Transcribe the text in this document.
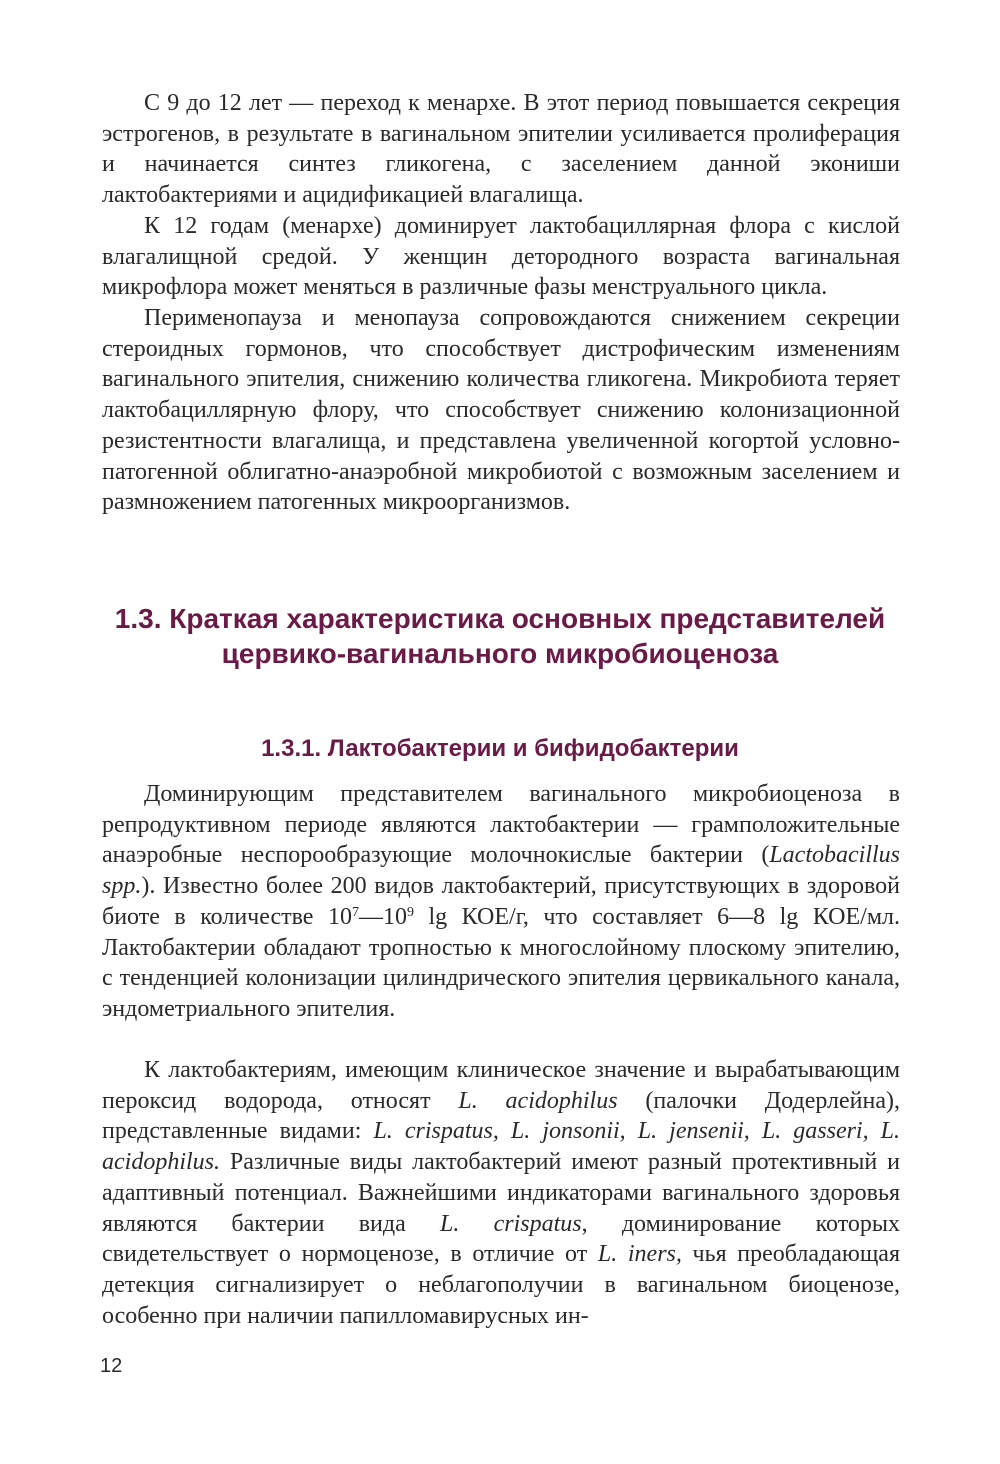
С 9 до 12 лет — переход к менархе. В этот период повышается секреция эстрогенов, в результате в вагинальном эпителии усиливается пролиферация и начинается синтез гликогена, с заселением данной экониши лактобактериями и ацидификацией влагалища.

К 12 годам (менархе) доминирует лактобациллярная флора с кислой влагалищной средой. У женщин детородного возраста вагинальная микрофлора может меняться в различные фазы менструального цикла.

Перименопауза и менопауза сопровождаются снижением секреции стероидных гормонов, что способствует дистрофическим изменениям вагинального эпителия, снижению количества гликогена. Микробиота теряет лактобациллярную флору, что способствует снижению колонизационной резистентности влагалища, и представлена увеличенной когортой условно-патогенной облигатно-анаэробной микробиотой с возможным заселением и размножением патогенных микроорганизмов.

1.3. Краткая характеристика основных представителей цервико-вагинального микробиоценоза
1.3.1. Лактобактерии и бифидобактерии

Доминирующим представителем вагинального микробиоценоза в репродуктивном периоде являются лактобактерии — грамположительные анаэробные неспорообразующие молочнокислые бактерии (Lactobacillus spp.). Известно более 200 видов лактобактерий, присутствующих в здоровой биоте в количестве $10^7—10^9$ lg КОЕ/г, что составляет 6—8 lg КОЕ/мл. Лактобактерии обладают тропностью к многослойному плоскому эпителию, с тенденцией колонизации цилиндрического эпителия цервикального канала, эндометриального эпителия.

К лактобактериям, имеющим клиническое значение и вырабатывающим пероксид водорода, относят L. acidophilus (палочки Додерлейна), представленные видами: L. crispatus, L. jonsonii, L. jensenii, L. gasseri, L. acidophilus. Различные виды лактобактерий имеют разный протективный и адаптивный потенциал. Важнейшими индикаторами вагинального здоровья являются бактерии вида L. crispatus, доминирование которых свидетельствует о нормоценозе, в отличие от L. iners, чья преобладающая детекция сигнализирует о неблагополучии в вагинальном биоценозе, особенно при наличии папилломавирусных ин-

12
